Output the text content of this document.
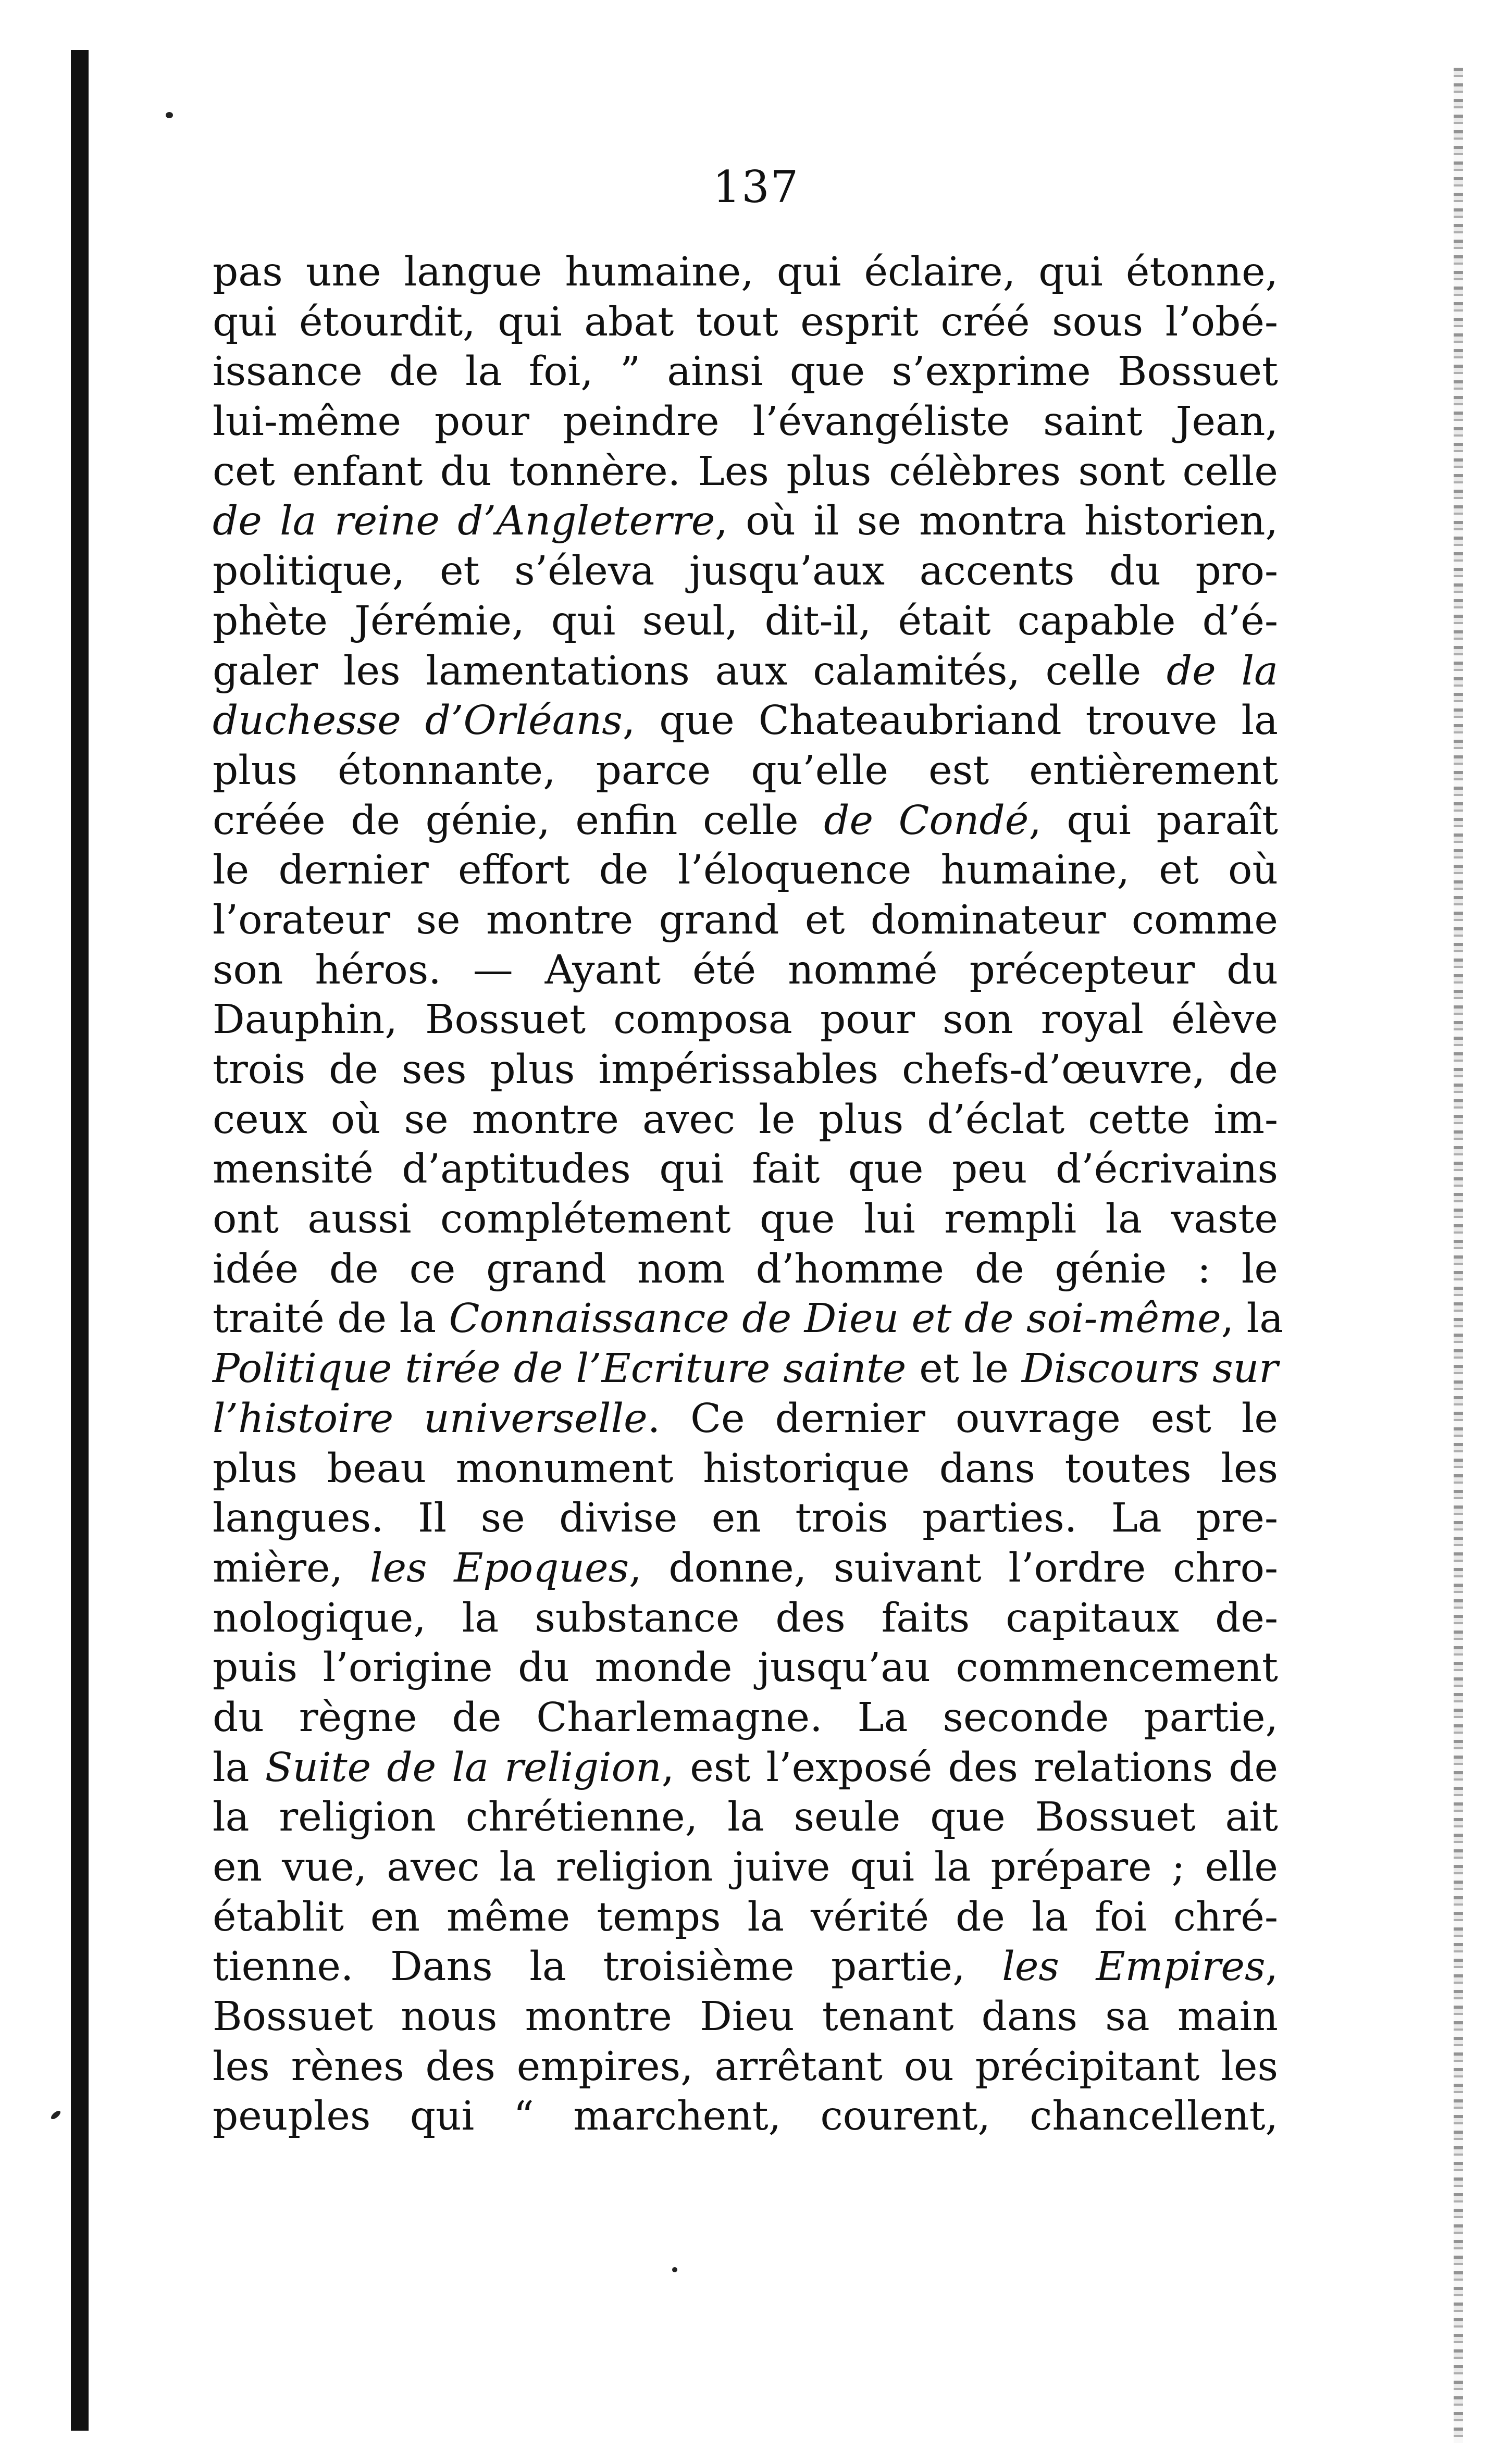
137
pas une langue humaine, qui éclaire, qui étonne,
qui étourdit, qui abat tout esprit créé sous l’obé-
issance de la foi, ” ainsi que s’exprime Bossuet
lui-même pour peindre l’évangéliste saint Jean,
cet enfant du tonnère. Les plus célèbres sont celle
de la reine d’Angleterre, où il se montra historien,
politique, et s’éleva jusqu’aux accents du pro-
phète Jérémie, qui seul, dit-il, était capable d’é-
galer les lamentations aux calamités, celle de la
duchesse d’Orléans, que Chateaubriand trouve la
plus étonnante, parce qu’elle est entièrement
créée de génie, enfin celle de Condé, qui paraît
le dernier effort de l’éloquence humaine, et où
l’orateur se montre grand et dominateur comme
son héros. — Ayant été nommé précepteur du
Dauphin, Bossuet composa pour son royal élève
trois de ses plus impérissables chefs-d’œuvre, de
ceux où se montre avec le plus d’éclat cette im-
mensité d’aptitudes qui fait que peu d’écrivains
ont aussi complétement que lui rempli la vaste
idée de ce grand nom d’homme de génie : le
traité de la Connaissance de Dieu et de soi-même, la
Politique tirée de l’Ecriture sainte et le Discours sur
l’histoire universelle. Ce dernier ouvrage est le
plus beau monument historique dans toutes les
langues. Il se divise en trois parties. La pre-
mière, les Epoques, donne, suivant l’ordre chro-
nologique, la substance des faits capitaux de-
puis l’origine du monde jusqu’au commencement
du règne de Charlemagne. La seconde partie,
la Suite de la religion, est l’exposé des relations de
la religion chrétienne, la seule que Bossuet ait
en vue, avec la religion juive qui la prépare ; elle
établit en même temps la vérité de la foi chré-
tienne. Dans la troisième partie, les Empires,
Bossuet nous montre Dieu tenant dans sa main
les rènes des empires, arrêtant ou précipitant les
peuples qui “ marchent, courent, chancellent,
